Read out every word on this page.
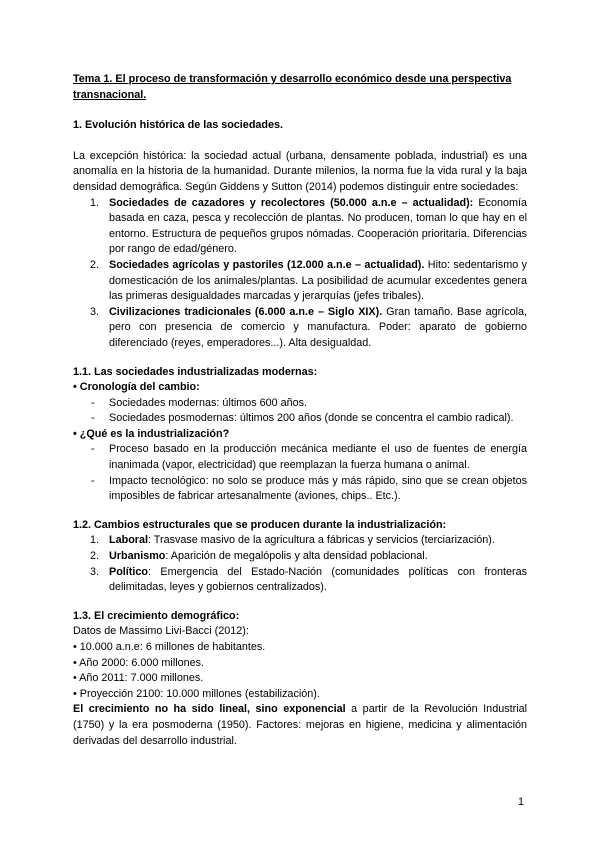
Tema 1. El proceso de transformación y desarrollo económico desde una perspectiva transnacional.

1. Evolución histórica de las sociedades.
La excepción histórica: la sociedad actual (urbana, densamente poblada, industrial) es una anomalía en la historia de la humanidad. Durante milenios, la norma fue la vida rural y la baja densidad demográfica. Según Giddens y Sutton (2014) podemos distinguir entre sociedades:
1. Sociedades de cazadores y recolectores (50.000 a.n.e – actualidad): Economía basada en caza, pesca y recolección de plantas. No producen, toman lo que hay en el entorno. Estructura de pequeños grupos nómadas. Cooperación prioritaria. Diferencias por rango de edad/género.
2. Sociedades agrícolas y pastoriles (12.000 a.n.e – actualidad). Hito: sedentarismo y domesticación de los animales/plantas. La posibilidad de acumular excedentes genera las primeras desigualdades marcadas y jerarquías (jefes tribales).
3. Civilizaciones tradicionales (6.000 a.n.e – Siglo XIX). Gran tamaño. Base agrícola, pero con presencia de comercio y manufactura. Poder: aparato de gobierno diferenciado (reyes, emperadores...). Alta desigualdad.
1.1. Las sociedades industrializadas modernas:
• Cronología del cambio:
- Sociedades modernas: últimos 600 años.
- Sociedades posmodernas: últimos 200 años (donde se concentra el cambio radical).
• ¿Qué es la industrialización?
- Proceso basado en la producción mecánica mediante el uso de fuentes de energía inanimada (vapor, electricidad) que reemplazan la fuerza humana o animal.
- Impacto tecnológico: no solo se produce más y más rápido, sino que se crean objetos imposibles de fabricar artesanalmente (aviones, chips.. Etc.).
1.2. Cambios estructurales que se producen durante la industrialización:
1. Laboral: Trasvase masivo de la agricultura a fábricas y servicios (terciarización).
2. Urbanismo: Aparición de megalópolis y alta densidad poblacional.
3. Político: Emergencia del Estado-Nación (comunidades políticas con fronteras delimitadas, leyes y gobiernos centralizados).
1.3. El crecimiento demográfico:
Datos de Massimo Livi-Bacci (2012):
• 10.000 a.n.e: 6 millones de habitantes.
• Año 2000: 6.000 millones.
• Año 2011: 7.000 millones.
• Proyección 2100: 10.000 millones (estabilización).
El crecimiento no ha sido lineal, sino exponencial a partir de la Revolución Industrial (1750) y la era posmoderna (1950). Factores: mejoras en higiene, medicina y alimentación derivadas del desarrollo industrial.
1
